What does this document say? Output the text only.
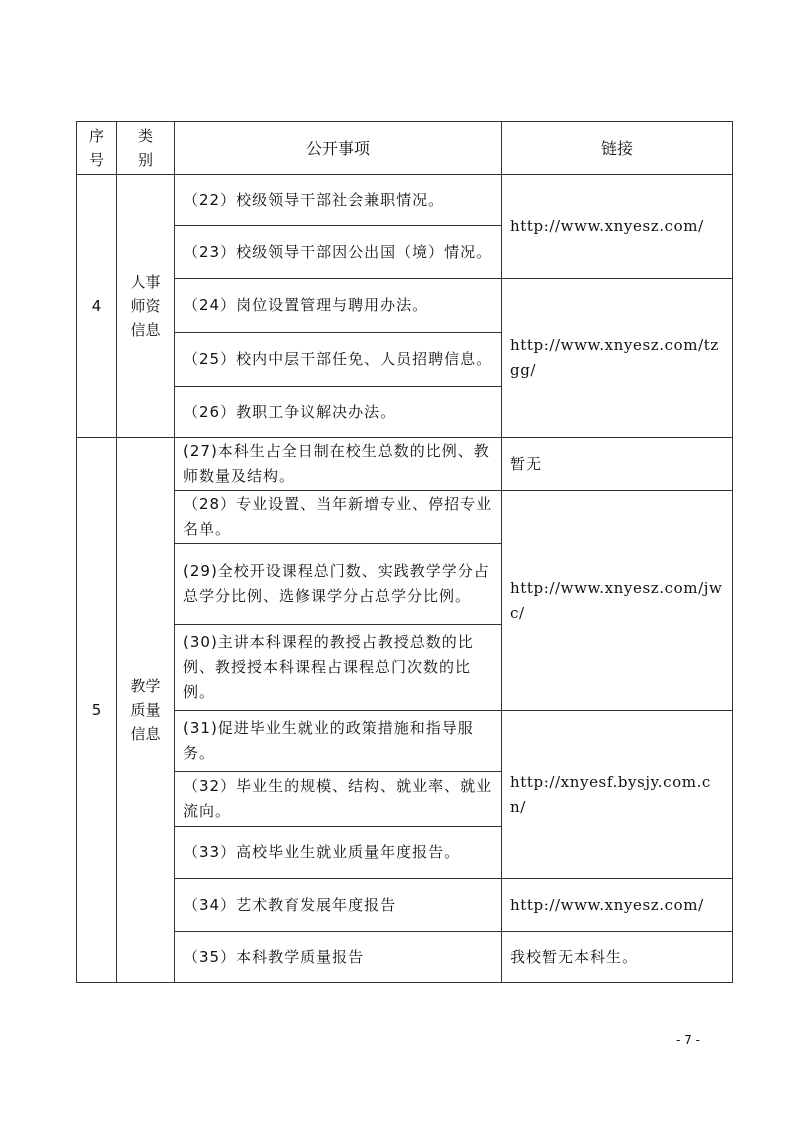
序号	类别	公开事项	链接

4	人事师资信息	（22）校级领导干部社会兼职情况。	http://www.xnyesz.com/

（23）校级领导干部因公出国（境）情况。	

（24）岗位设置管理与聘用办法。	http://www.xnyesz.com/tzgg/

（25）校内中层干部任免、人员招聘信息。	

（26）教职工争议解决办法。	

5	教学质量信息	(27)本科生占全日制在校生总数的比例、教师数量及结构。	暂无

（28）专业设置、当年新增专业、停招专业名单。	http://www.xnyesz.com/jwc/

(29)全校开设课程总门数、实践教学学分占总学分比例、选修课学分占总学分比例。	

(30)主讲本科课程的教授占教授总数的比例、教授授本科课程占课程总门次数的比例。	

(31)促进毕业生就业的政策措施和指导服务。	http://xnyesf.bysjy.com.cn/

（32）毕业生的规模、结构、就业率、就业流向。	

（33）高校毕业生就业质量年度报告。	

（34）艺术教育发展年度报告	http://www.xnyesz.com/

（35）本科教学质量报告	我校暂无本科生。
- 7 -
